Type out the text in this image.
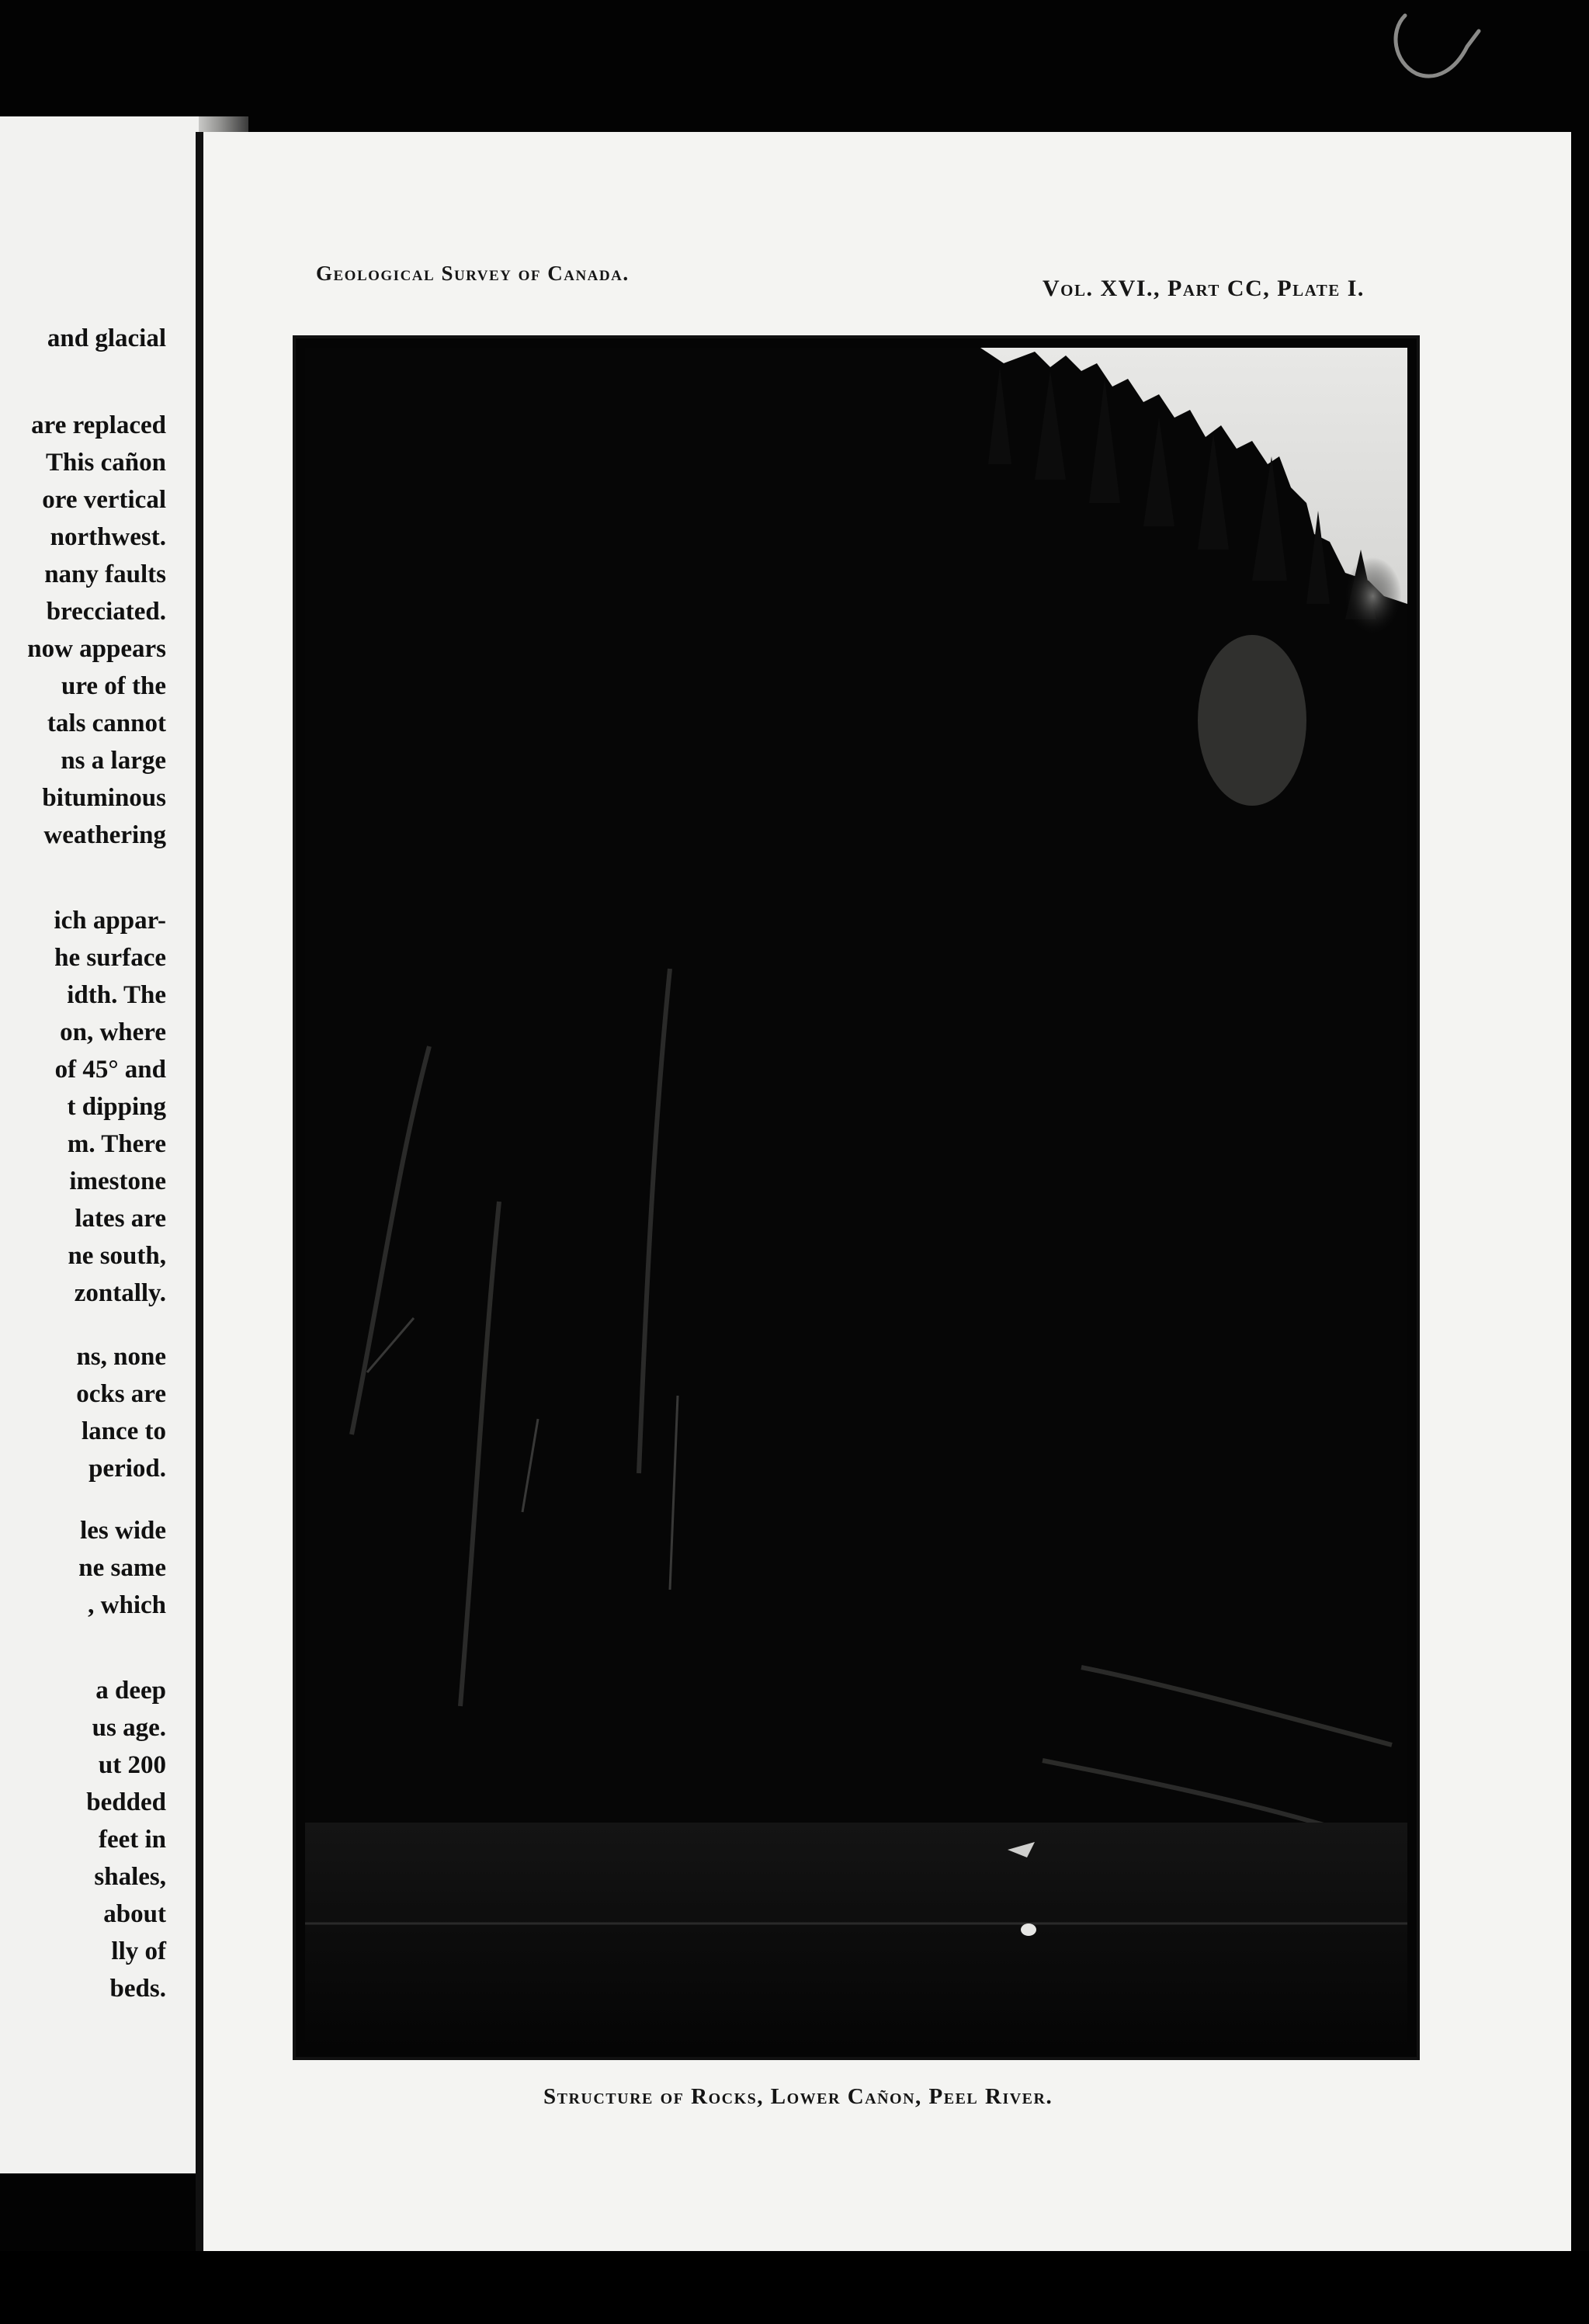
and glacial
are replaced
This cañon
ore vertical
northwest.
nany faults
brecciated.
now appears
ure of the
tals cannot
ns a large
bituminous
weathering
ich appar-
he surface
idth. The
on, where
of 45° and
t dipping
m. There
imestone
lates are
ne south,
zontally.
ns, none
ocks are
lance to
period.
les wide
ne same
, which
a deep
us age.
ut 200
bedded
feet in
shales,
about
lly of
beds.
Geological Survey of Canada.
Vol. XVI., Part CC, Plate I.
Structure of Rocks, Lower Cañon, Peel River.
